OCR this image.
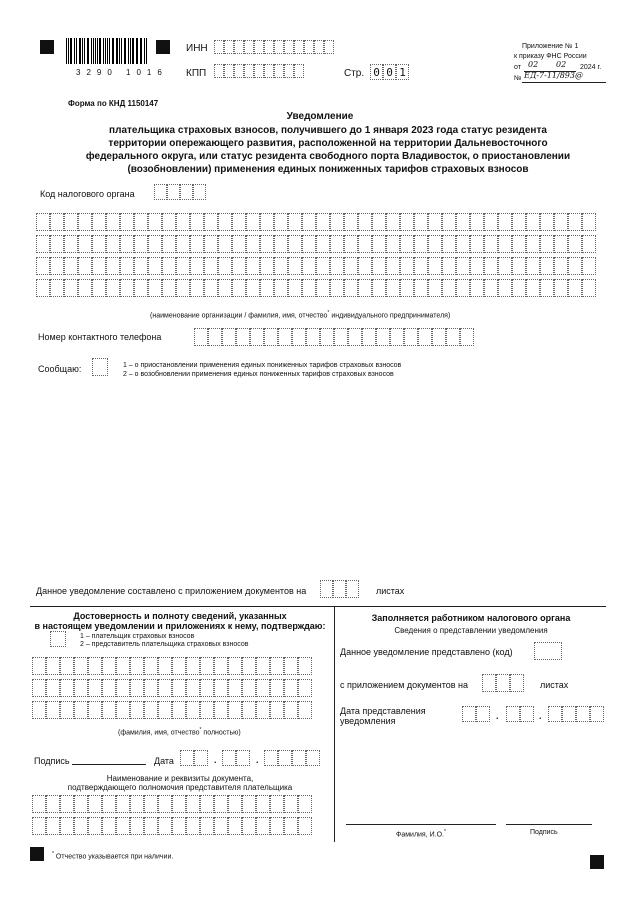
3290 1016
ИНН
КПП	Стр. 0 0 1
Приложение № 1
к приказу ФНС России
от 02 02 2024 г.
№ ЕД-7-11/893@
Форма по КНД 1150147
Уведомление
плательщика страховых взносов, получившего до 1 января 2023 года статус резидента
территории опережающего развития, расположенной на территории Дальневосточного
федерального округа, или статус резидента свободного порта Владивосток, о приостановлении
(возобновлении) применения единых пониженных тарифов страховых взносов
Код налогового органа
(наименование организации / фамилия, имя, отчество* индивидуального предпринимателя)
Номер контактного телефона
Сообщаю:	1 – о приостановлении применения единых пониженных тарифов страховых взносов
2 – о возобновлении применения единых пониженных тарифов страховых взносов
Данное уведомление составлено с приложением документов на	листах
Достоверность и полноту сведений, указанных
в настоящем уведомлении и приложениях к нему, подтверждаю:
1 – плательщик страховых взносов
2 – представитель плательщика страховых взносов
(фамилия, имя, отчество* полностью)
Подпись	Дата	.	.
Наименование и реквизиты документа,
подтверждающего полномочия представителя плательщика
Заполняется работником налогового органа
Сведения о представлении уведомления
Данное уведомление представлено (код)
с приложением документов на	листах
Дата представления
уведомления	.	.
Фамилия, И.О.*	Подпись
* Отчество указывается при наличии.
